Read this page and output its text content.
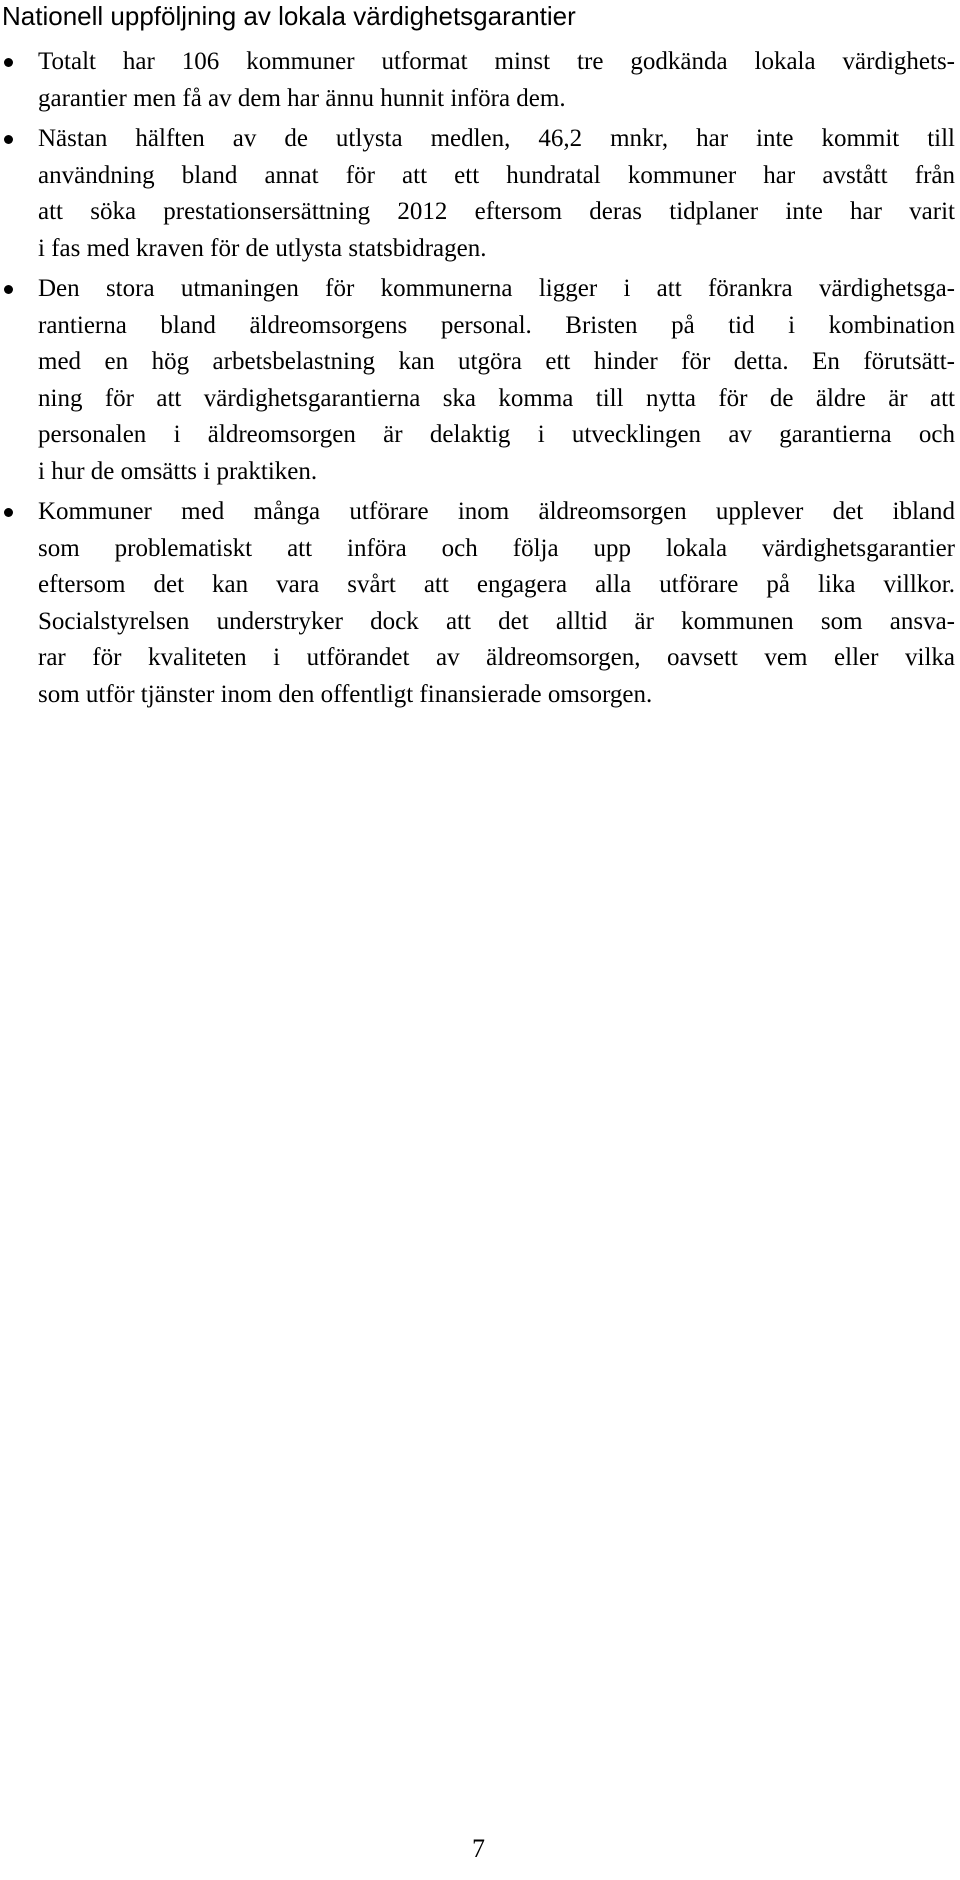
Nationell uppföljning av lokala värdighetsgarantier
Totalt har 106 kommuner utformat minst tre godkända lokala värdighets-
garantier men få av dem har ännu hunnit införa dem.
Nästan hälften av de utlysta medlen, 46,2 mnkr, har inte kommit till
användning bland annat för att ett hundratal kommuner har avstått från
att söka prestationsersättning 2012 eftersom deras tidplaner inte har varit
i fas med kraven för de utlysta statsbidragen.
Den stora utmaningen för kommunerna ligger i att förankra värdighetsga-
rantierna bland äldreomsorgens personal. Bristen på tid i kombination
med en hög arbetsbelastning kan utgöra ett hinder för detta. En förutsätt-
ning för att värdighetsgarantierna ska komma till nytta för de äldre är att
personalen i äldreomsorgen är delaktig i utvecklingen av garantierna och
i hur de omsätts i praktiken.
Kommuner med många utförare inom äldreomsorgen upplever det ibland
som problematiskt att införa och följa upp lokala värdighetsgarantier
eftersom det kan vara svårt att engagera alla utförare på lika villkor.
Socialstyrelsen understryker dock att det alltid är kommunen som ansva-
rar för kvaliteten i utförandet av äldreomsorgen, oavsett vem eller vilka
som utför tjänster inom den offentligt finansierade omsorgen.
7
